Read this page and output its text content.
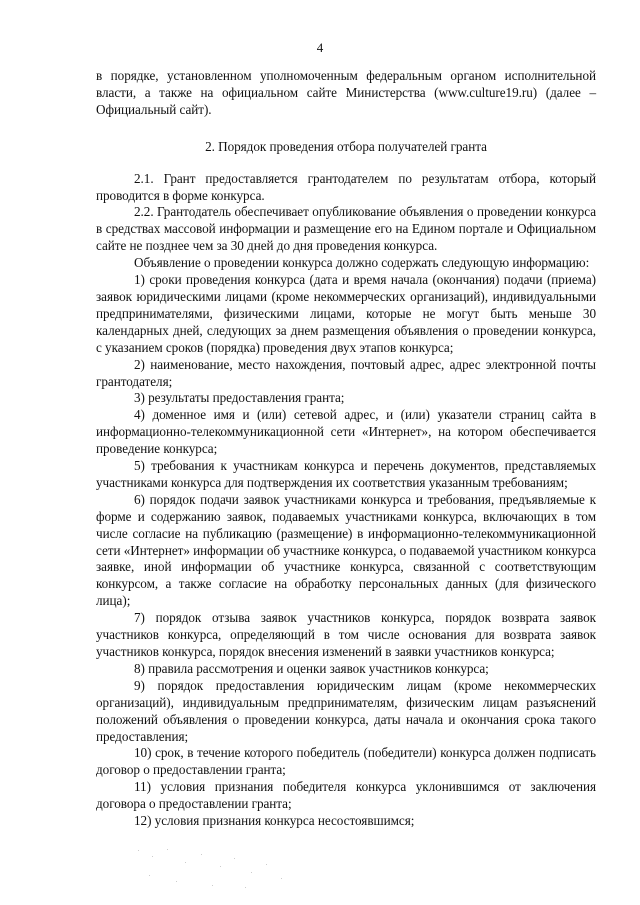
4

в порядке, установленном уполномоченным федеральным органом исполнительной власти, а также на официальном сайте Министерства (www.culture19.ru) (далее – Официальный сайт).

2. Порядок проведения отбора получателей гранта

2.1. Грант предоставляется грантодателем по результатам отбора, который проводится в форме конкурса.

2.2. Грантодатель обеспечивает опубликование объявления о проведении конкурса в средствах массовой информации и размещение его на Едином портале и Официальном сайте не позднее чем за 30 дней до дня проведения конкурса.

Объявление о проведении конкурса должно содержать следующую информацию:

1) сроки проведения конкурса (дата и время начала (окончания) подачи (приема) заявок юридическими лицами (кроме некоммерческих организаций), индивидуальными предпринимателями, физическими лицами, которые не могут быть меньше 30 календарных дней, следующих за днем размещения объявления о проведении конкурса, с указанием сроков (порядка) проведения двух этапов конкурса;

2) наименование, место нахождения, почтовый адрес, адрес электронной почты грантодателя;

3) результаты предоставления гранта;

4) доменное имя и (или) сетевой адрес, и (или) указатели страниц сайта в информационно-телекоммуникационной сети «Интернет», на котором обеспечивается проведение конкурса;

5) требования к участникам конкурса и перечень документов, представляемых участниками конкурса для подтверждения их соответствия указанным требованиям;

6) порядок подачи заявок участниками конкурса и требования, предъявляемые к форме и содержанию заявок, подаваемых участниками конкурса, включающих в том числе согласие на публикацию (размещение) в информационно-телекоммуникационной сети «Интернет» информации об участнике конкурса, о подаваемой участником конкурса заявке, иной информации об участнике конкурса, связанной с соответствующим конкурсом, а также согласие на обработку персональных данных (для физического лица);

7) порядок отзыва заявок участников конкурса, порядок возврата заявок участников конкурса, определяющий в том числе основания для возврата заявок участников конкурса, порядок внесения изменений в заявки участников конкурса;

8) правила рассмотрения и оценки заявок участников конкурса;

9) порядок предоставления юридическим лицам (кроме некоммерческих организаций), индивидуальным предпринимателям, физическим лицам разъяснений положений объявления о проведении конкурса, даты начала и окончания срока такого предоставления;

10) срок, в течение которого победитель (победители) конкурса должен подписать договор о предоставлении гранта;

11) условия признания победителя конкурса уклонившимся от заключения договора о предоставлении гранта;

12) условия признания конкурса несостоявшимся;
